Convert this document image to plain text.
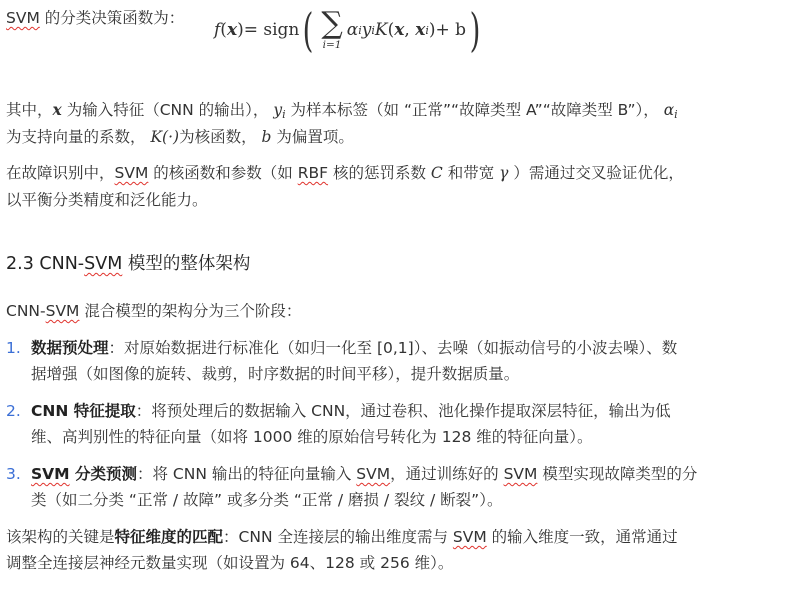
SVM 的分类决策函数为：
f ( x ) = sign ( ∑
i=1
α i y i K ( x , x i ) + b )
其中，x 为输入特征（CNN 的输出）， $y_i$ 为样本标签（如 “正常”“故障类型 A”“故障类型 B”）， $\alpha_i$
为支持向量的系数， K(·)为核函数， b 为偏置项。
在故障识别中，SVM 的核函数和参数（如 RBF 核的惩罚系数 C 和带宽 γ ）需通过交叉验证优化，
以平衡分类精度和泛化能力。
2.3 CNN-SVM 模型的整体架构
CNN-SVM 混合模型的架构分为三个阶段：
1. 数据预处理：对原始数据进行标准化（如归一化至 [0,1]）、去噪（如振动信号的小波去噪）、数
据增强（如图像的旋转、裁剪，时序数据的时间平移），提升数据质量。
2. CNN 特征提取：将预处理后的数据输入 CNN，通过卷积、池化操作提取深层特征，输出为低
维、高判别性的特征向量（如将 1000 维的原始信号转化为 128 维的特征向量）。
3. SVM 分类预测：将 CNN 输出的特征向量输入 SVM，通过训练好的 SVM 模型实现故障类型的分
类（如二分类 “正常 / 故障” 或多分类 “正常 / 磨损 / 裂纹 / 断裂”）。
该架构的关键是特征维度的匹配：CNN 全连接层的输出维度需与 SVM 的输入维度一致，通常通过
调整全连接层神经元数量实现（如设置为 64、128 或 256 维）。
